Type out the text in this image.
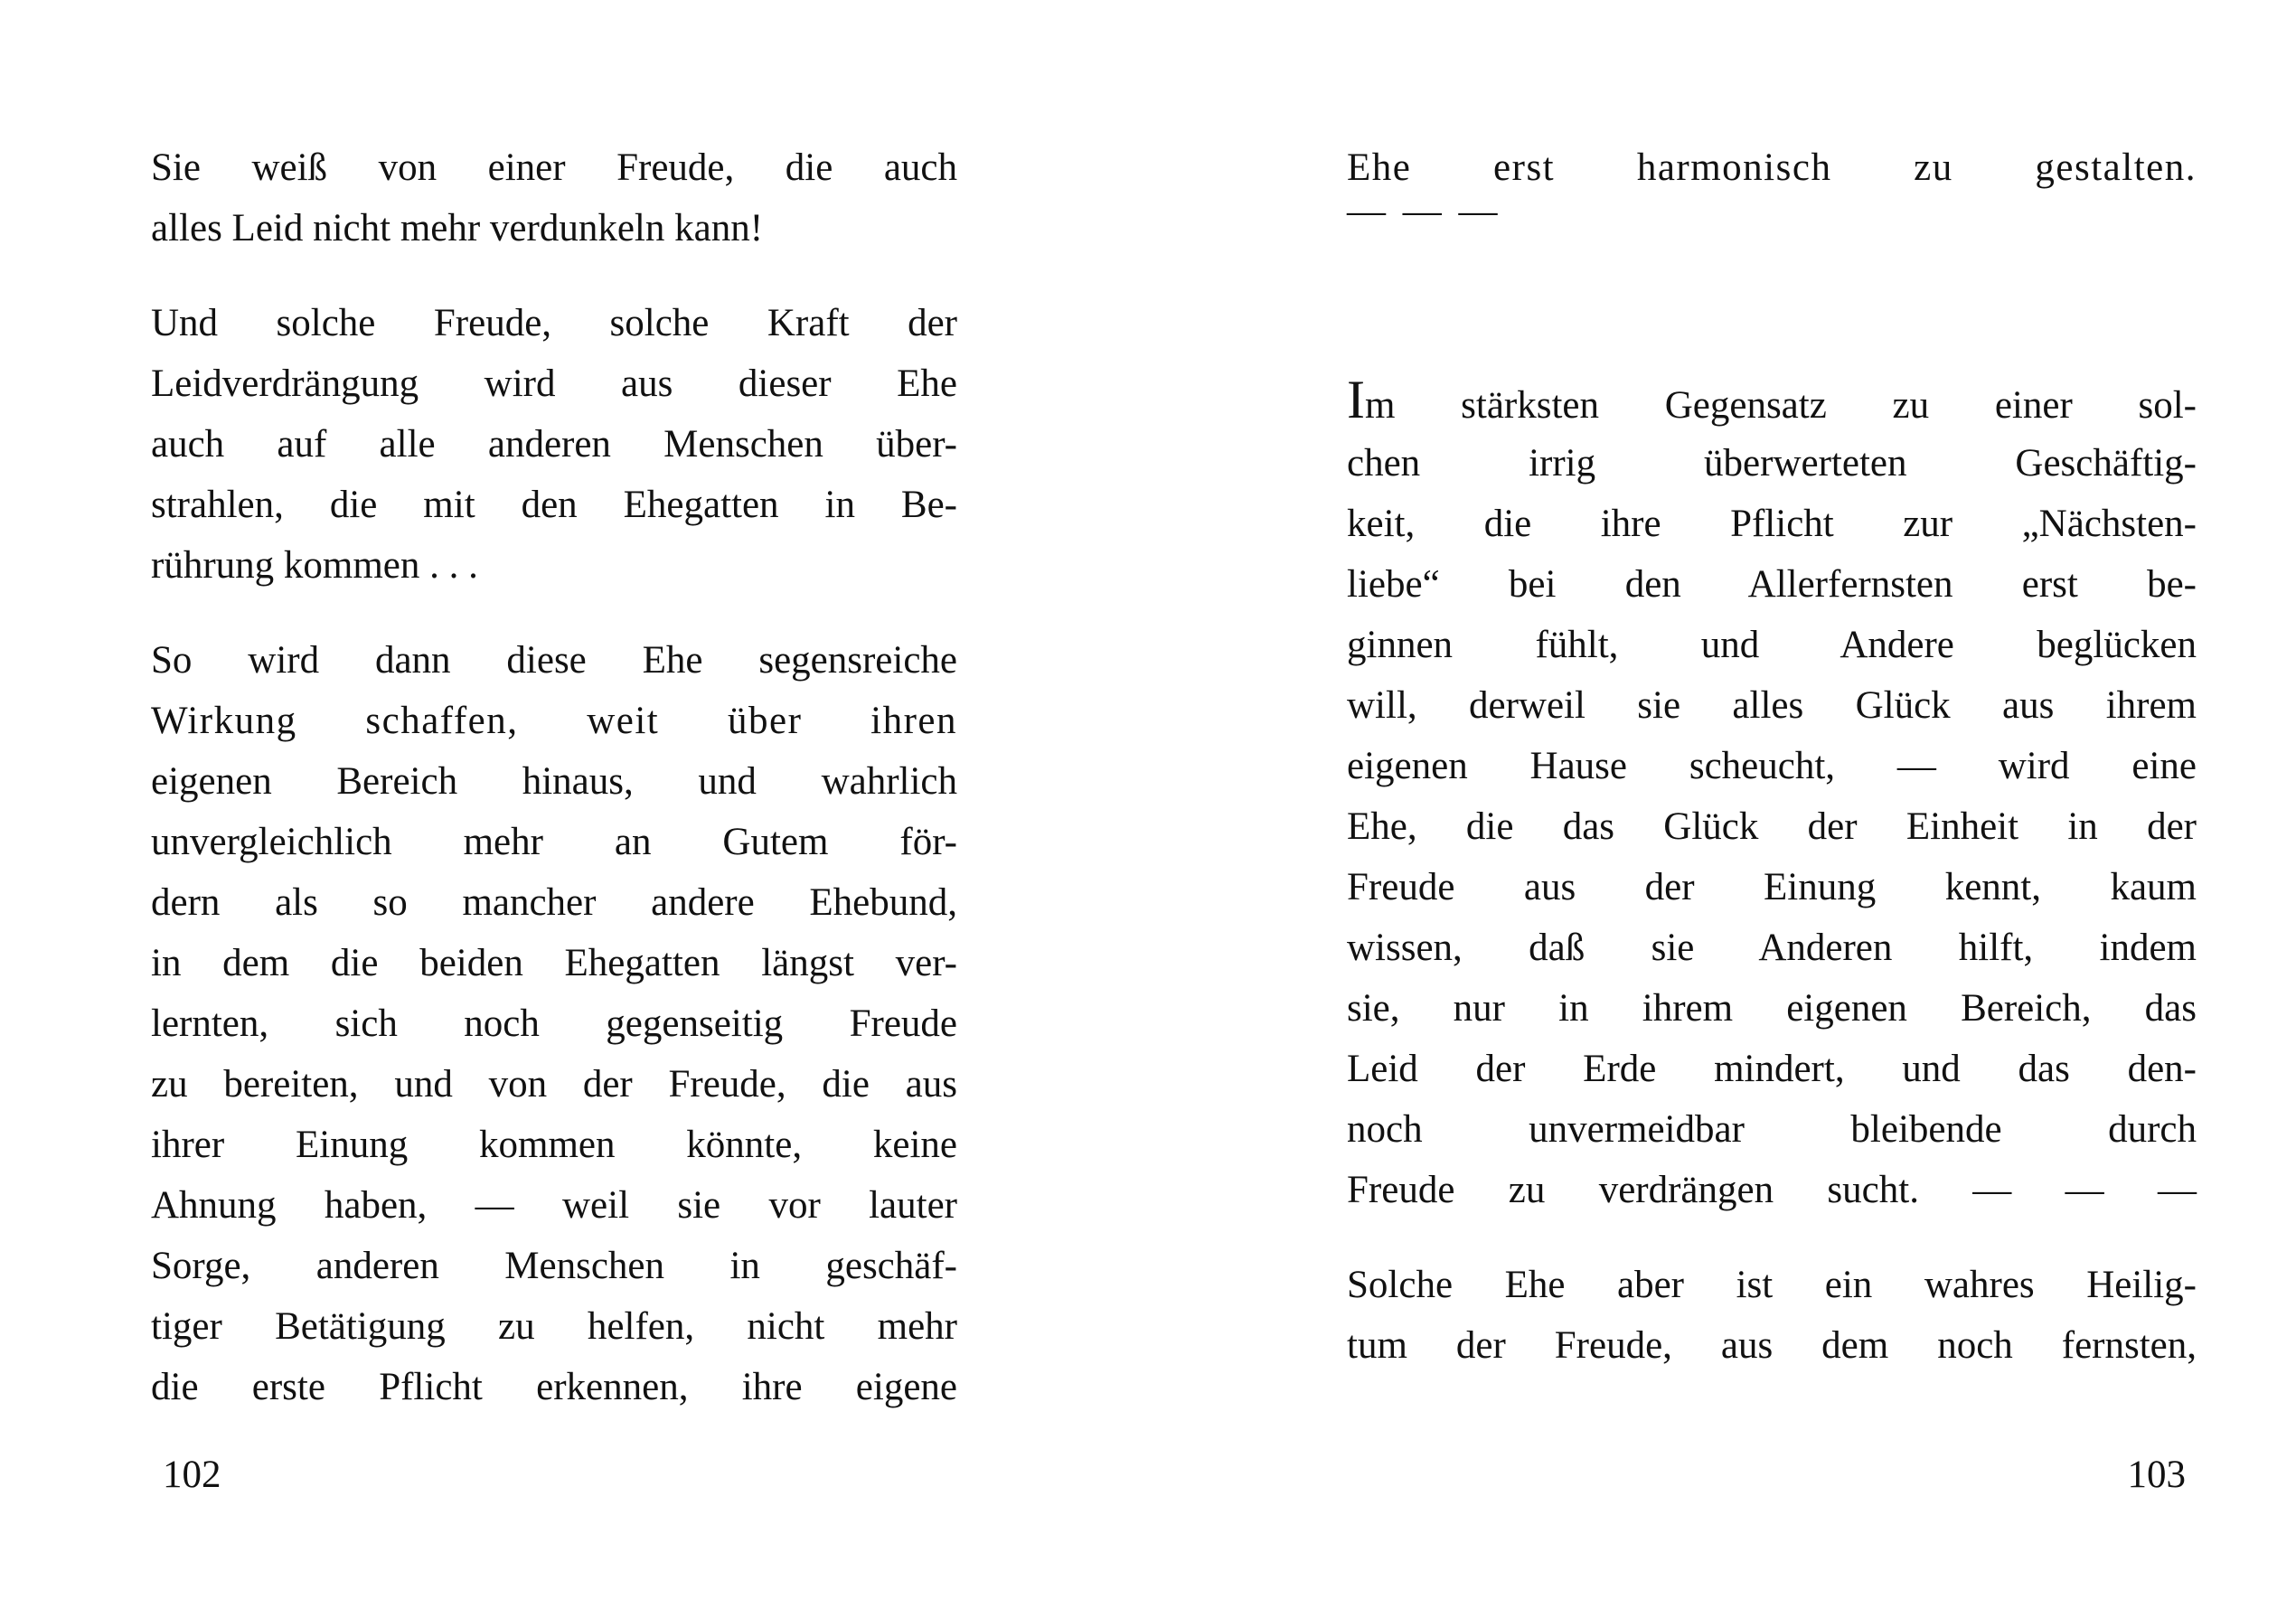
Sie weiß von einer Freude, die auch
alles Leid nicht mehr verdunkeln kann!
Und solche Freude, solche Kraft der
Leidverdrängung wird aus dieser Ehe
auch auf alle anderen Menschen über-
strahlen, die mit den Ehegatten in Be-
rührung kommen . . .
So wird dann diese Ehe segensreiche
Wirkung schaffen, weit über ihren
eigenen Bereich hinaus, und wahrlich
unvergleichlich mehr an Gutem för-
dern als so mancher andere Ehebund,
in dem die beiden Ehegatten längst ver-
lernten, sich noch gegenseitig Freude
zu bereiten, und von der Freude, die aus
ihrer Einung kommen könnte, keine
Ahnung haben, — weil sie vor lauter
Sorge, anderen Menschen in geschäf-
tiger Betätigung zu helfen, nicht mehr
die erste Pflicht erkennen, ihre eigene
102
Ehe erst harmonisch zu gestalten.
— — —
Im stärksten Gegensatz zu einer sol-
chen irrig überwerteten Geschäftig-
keit, die ihre Pflicht zur „Nächsten-
liebe“ bei den Allerfernsten erst be-
ginnen fühlt, und Andere beglücken
will, derweil sie alles Glück aus ihrem
eigenen Hause scheucht, — wird eine
Ehe, die das Glück der Einheit in der
Freude aus der Einung kennt, kaum
wissen, daß sie Anderen hilft, indem
sie, nur in ihrem eigenen Bereich, das
Leid der Erde mindert, und das den-
noch unvermeidbar bleibende durch
Freude zu verdrängen sucht. — — —
Solche Ehe aber ist ein wahres Heilig-
tum der Freude, aus dem noch fernsten,
103
